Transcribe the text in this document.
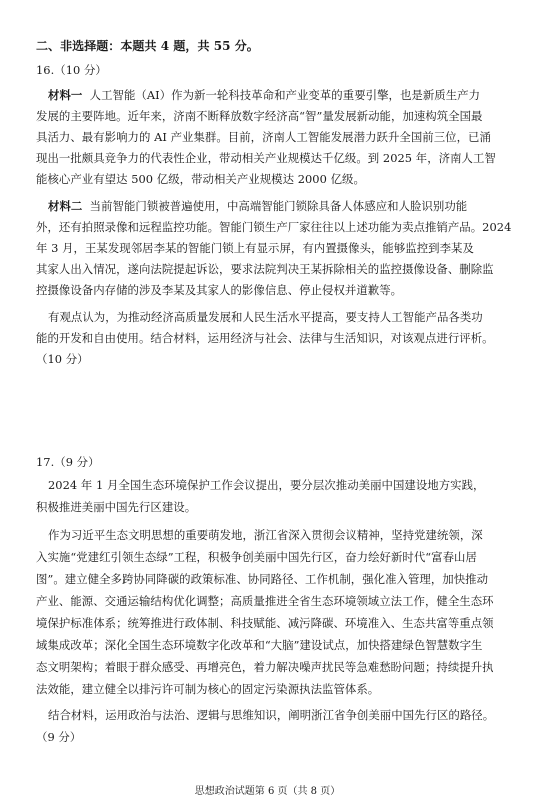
二、非选择题：本题共 4 题，共 55 分。
16.（10 分）
材料一 人工智能（AI）作为新一轮科技革命和产业变革的重要引擎，也是新质生产力
发展的主要阵地。近年来，济南不断释放数字经济高“智”量发展新动能，加速构筑全国最
具活力、最有影响力的 AI 产业集群。目前，济南人工智能发展潜力跃升全国前三位，已涌
现出一批颇具竞争力的代表性企业，带动相关产业规模达千亿级。到 2025 年，济南人工智
能核心产业有望达 500 亿级，带动相关产业规模达 2000 亿级。
材料二 当前智能门锁被普遍使用，中高端智能门锁除具备人体感应和人脸识别功能
外，还有拍照录像和远程监控功能。智能门锁生产厂家往往以上述功能为卖点推销产品。2024
年 3 月，王某发现邻居李某的智能门锁上有显示屏，有内置摄像头，能够监控到李某及
其家人出入情况，遂向法院提起诉讼，要求法院判决王某拆除相关的监控摄像设备、删除监
控摄像设备内存储的涉及李某及其家人的影像信息、停止侵权并道歉等。
有观点认为，为推动经济高质量发展和人民生活水平提高，要支持人工智能产品各类功
能的开发和自由使用。结合材料，运用经济与社会、法律与生活知识，对该观点进行评析。
（10 分）
17.（9 分）
2024 年 1 月全国生态环境保护工作会议提出，要分层次推动美丽中国建设地方实践，
积极推进美丽中国先行区建设。
作为习近平生态文明思想的重要萌发地，浙江省深入贯彻会议精神，坚持党建统领，深
入实施“党建红引领生态绿”工程，积极争创美丽中国先行区，奋力绘好新时代“富春山居
图”。建立健全多跨协同降碳的政策标准、协同路径、工作机制，强化准入管理，加快推动
产业、能源、交通运输结构优化调整；高质量推进全省生态环境领域立法工作，健全生态环
境保护标准体系；统筹推进行政体制、科技赋能、减污降碳、环境准入、生态共富等重点领
域集成改革；深化全国生态环境数字化改革和“大脑”建设试点，加快搭建绿色智慧数字生
态文明架构；着眼于群众感受、再增亮色，着力解决噪声扰民等急难愁盼问题；持续提升执
法效能，建立健全以排污许可制为核心的固定污染源执法监管体系。
结合材料，运用政治与法治、逻辑与思维知识，阐明浙江省争创美丽中国先行区的路径。
（9 分）
思想政治试题第 6 页（共 8 页）
